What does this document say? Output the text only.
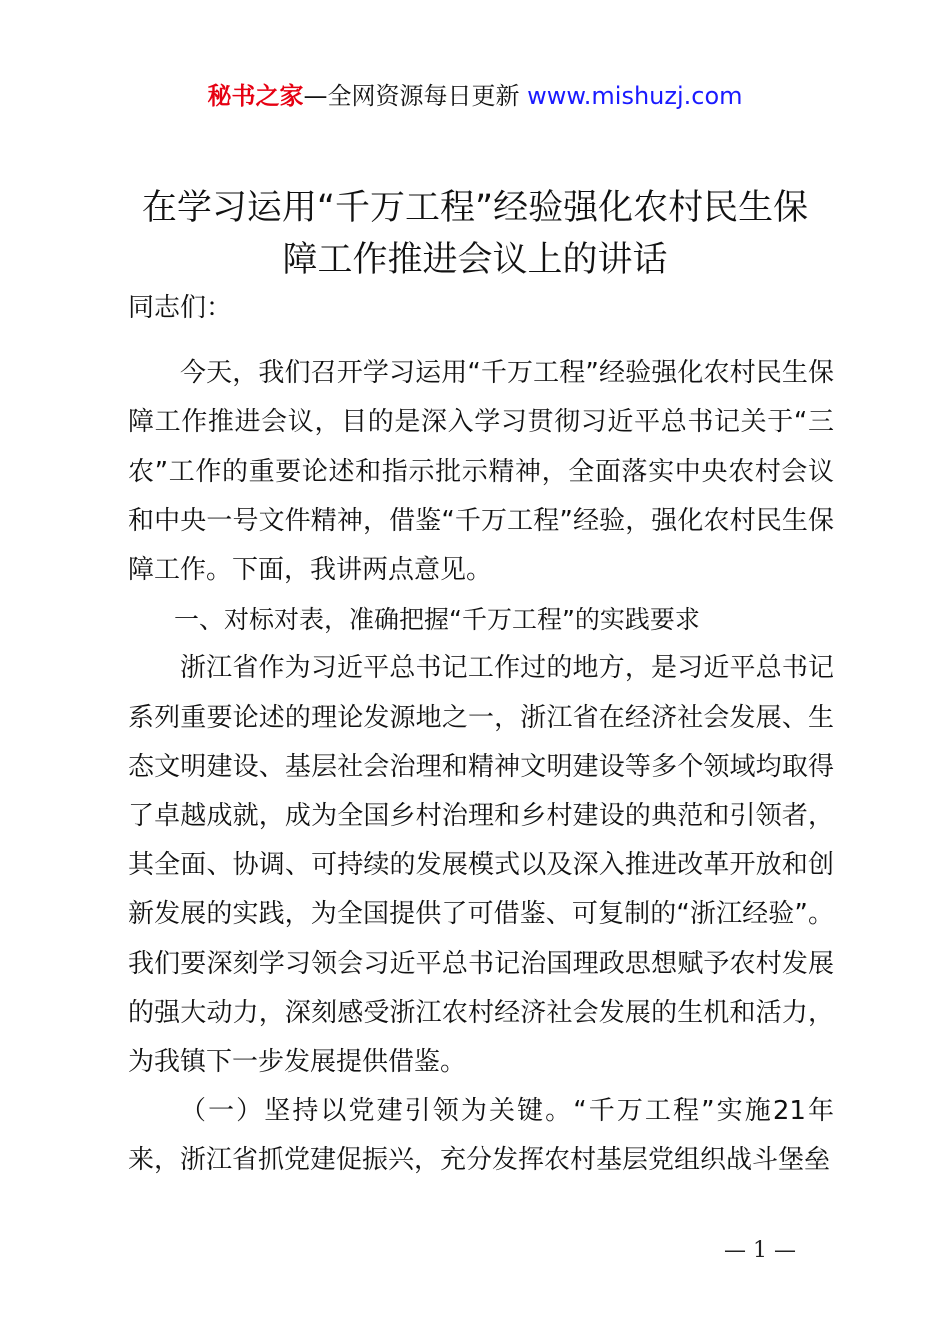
秘书之家—全网资源每日更新 www.mishuzj.com
在学习运用“千万工程”经验强化农村民生保
障工作推进会议上的讲话

同志们：

今天，我们召开学习运用“千万工程”经验强化农村民生保障工作推进会议，目的是深入学习贯彻习近平总书记关于“三农”工作的重要论述和指示批示精神，全面落实中央农村会议和中央一号文件精神，借鉴“千万工程”经验，强化农村民生保障工作。下面，我讲两点意见。

一、对标对表，准确把握“千万工程”的实践要求

浙江省作为习近平总书记工作过的地方，是习近平总书记系列重要论述的理论发源地之一，浙江省在经济社会发展、生态文明建设、基层社会治理和精神文明建设等多个领域均取得了卓越成就，成为全国乡村治理和乡村建设的典范和引领者，其全面、协调、可持续的发展模式以及深入推进改革开放和创新发展的实践，为全国提供了可借鉴、可复制的“浙江经验”。我们要深刻学习领会习近平总书记治国理政思想赋予农村发展的强大动力，深刻感受浙江农村经济社会发展的生机和活力，为我镇下一步发展提供借鉴。

（一）坚持以党建引领为关键。“千万工程”实施21年来，浙江省抓党建促振兴，充分发挥农村基层党组织战斗堡垒

— 1 —
